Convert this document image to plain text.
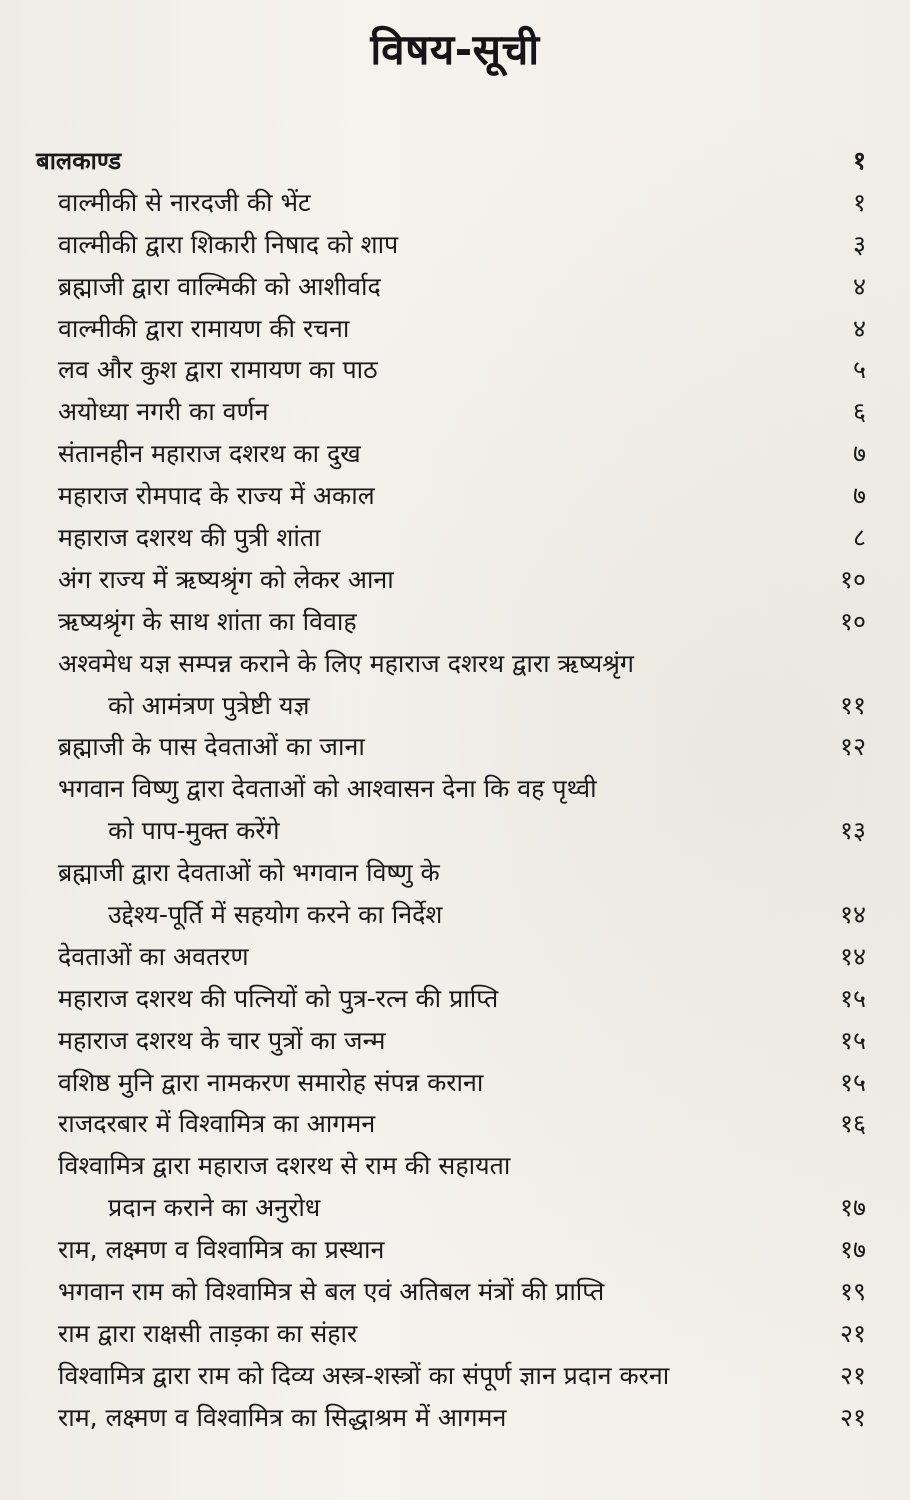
विषय-सूची
बालकाण्ड	१
वाल्मीकी से नारदजी की भेंट	१
वाल्मीकी द्वारा शिकारी निषाद को शाप	३
ब्रह्माजी द्वारा वाल्मिकी को आशीर्वाद	४
वाल्मीकी द्वारा रामायण की रचना	४
लव और कुश द्वारा रामायण का पाठ	५
अयोध्या नगरी का वर्णन	६
संतानहीन महाराज दशरथ का दुख	७
महाराज रोमपाद के राज्य में अकाल	७
महाराज दशरथ की पुत्री शांता	८
अंग राज्य में ऋष्यश्रृंग को लेकर आना	१०
ऋष्यश्रृंग के साथ शांता का विवाह	१०
अश्वमेध यज्ञ सम्पन्न कराने के लिए महाराज दशरथ द्वारा ऋष्यश्रृंग
को आमंत्रण पुत्रेष्टी यज्ञ	११
ब्रह्माजी के पास देवताओं का जाना	१२
भगवान विष्णु द्वारा देवताओं को आश्वासन देना कि वह पृथ्वी
को पाप-मुक्त करेंगे	१३
ब्रह्माजी द्वारा देवताओं को भगवान विष्णु के
उद्देश्य-पूर्ति में सहयोग करने का निर्देश	१४
देवताओं का अवतरण	१४
महाराज दशरथ की पत्नियों को पुत्र-रत्न की प्राप्ति	१५
महाराज दशरथ के चार पुत्रों का जन्म	१५
वशिष्ठ मुनि द्वारा नामकरण समारोह संपन्न कराना	१५
राजदरबार में विश्वामित्र का आगमन	१६
विश्वामित्र द्वारा महाराज दशरथ से राम की सहायता
प्रदान कराने का अनुरोध	१७
राम, लक्ष्मण व विश्वामित्र का प्रस्थान	१७
भगवान राम को विश्वामित्र से बल एवं अतिबल मंत्रों की प्राप्ति	१९
राम द्वारा राक्षसी ताड़का का संहार	२१
विश्वामित्र द्वारा राम को दिव्य अस्त्र-शस्त्रों का संपूर्ण ज्ञान प्रदान करना	२१
राम, लक्ष्मण व विश्वामित्र का सिद्धाश्रम में आगमन	२१
